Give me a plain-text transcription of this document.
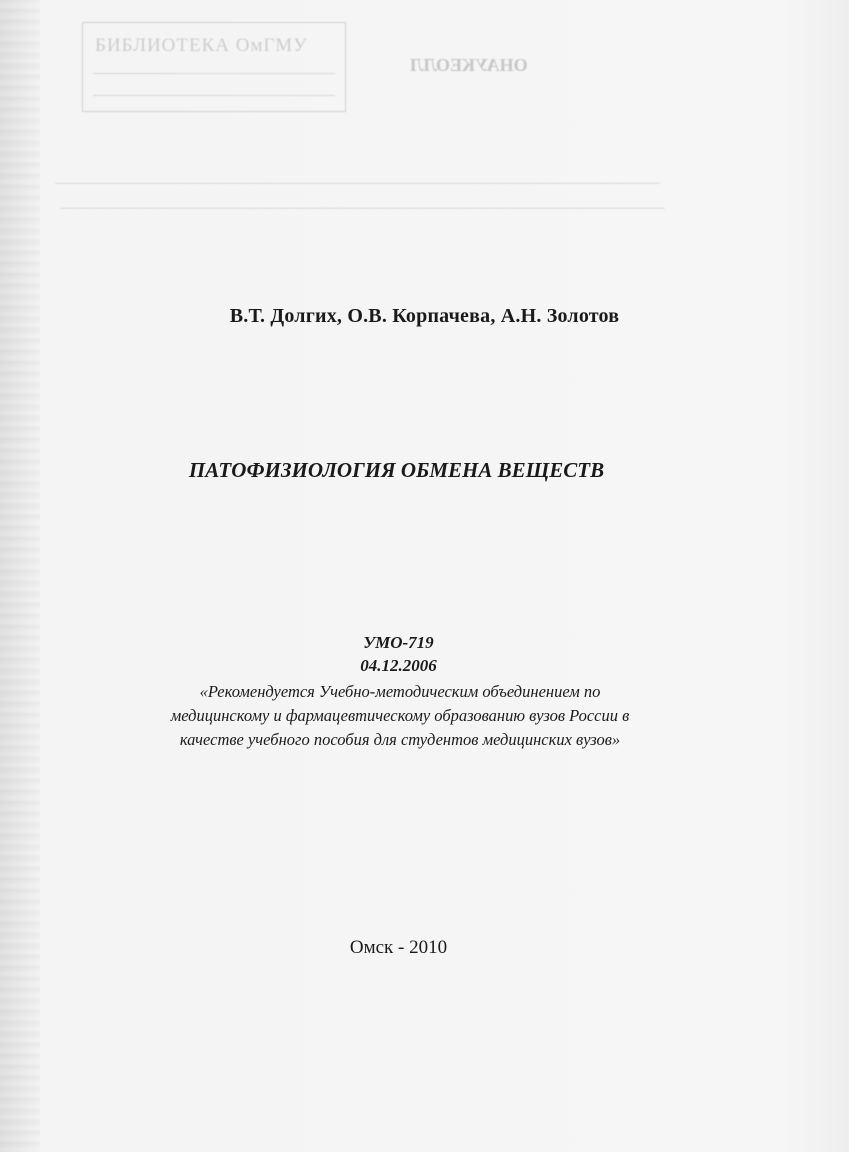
БИБЛИОТЕКА ОмГМУ
ОНАУКЕОЛЛ
―――――――――――――――――――――――――――――――――――――――
―――――――――――――――――――――――――――――――――――――――
В.Т. Долгих, О.В. Корпачева, А.Н. Золотов
ПАТОФИЗИОЛОГИЯ ОБМЕНА ВЕЩЕСТВ
УМО-719
04.12.2006
«Рекомендуется Учебно-методическим объединением по
медицинскому и фармацевтическому образованию вузов России в
качестве учебного пособия для студентов медицинских вузов»
Омск - 2010
